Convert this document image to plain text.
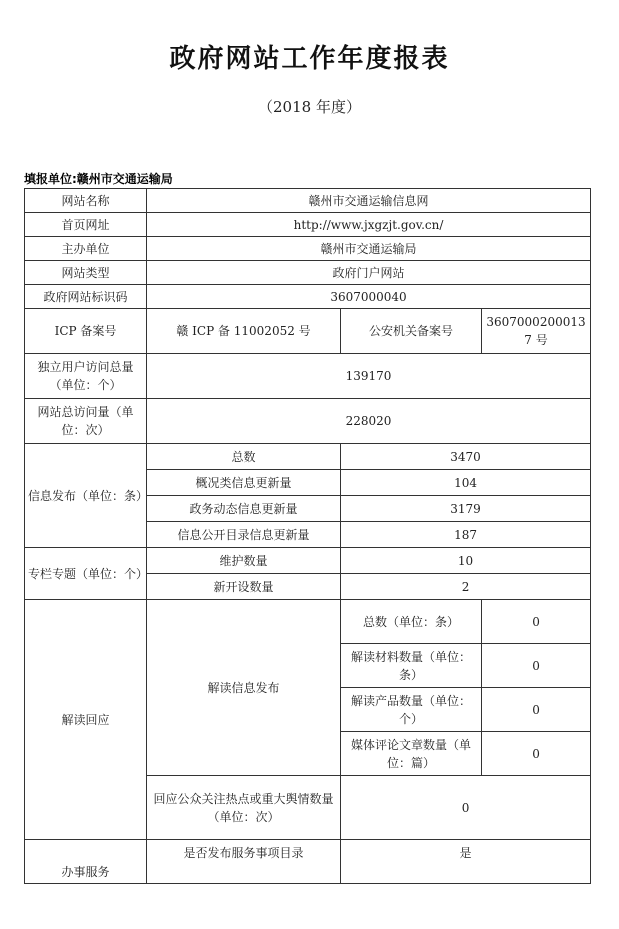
政府网站工作年度报表
（2018 年度）
填报单位:赣州市交通运输局
网站名称	赣州市交通运输信息网		
首页网址	http://www.jxgzjt.gov.cn/		
主办单位	赣州市交通运输局		
网站类型	政府门户网站		
政府网站标识码	3607000040		
ICP 备案号	赣 ICP 备 11002052 号	公安机关备案号	36070002000137 号
独立用户访问总量（单位：个）	139170		
网站总访问量（单位：次）	228020		
信息发布（单位：条）	总数	3470	
	概况类信息更新量	104	
	政务动态信息更新量	3179	
	信息公开目录信息更新量	187	
专栏专题（单位：个）	维护数量	10	
	新开设数量	2	
解读回应	解读信息发布	总数（单位：条）	0
		解读材料数量（单位：条）	0
		解读产品数量（单位：个）	0
		媒体评论文章数量（单位：篇）	0
	回应公众关注热点或重大舆情数量（单位：次）	0	
办事服务	是否发布服务事项目录	是	
